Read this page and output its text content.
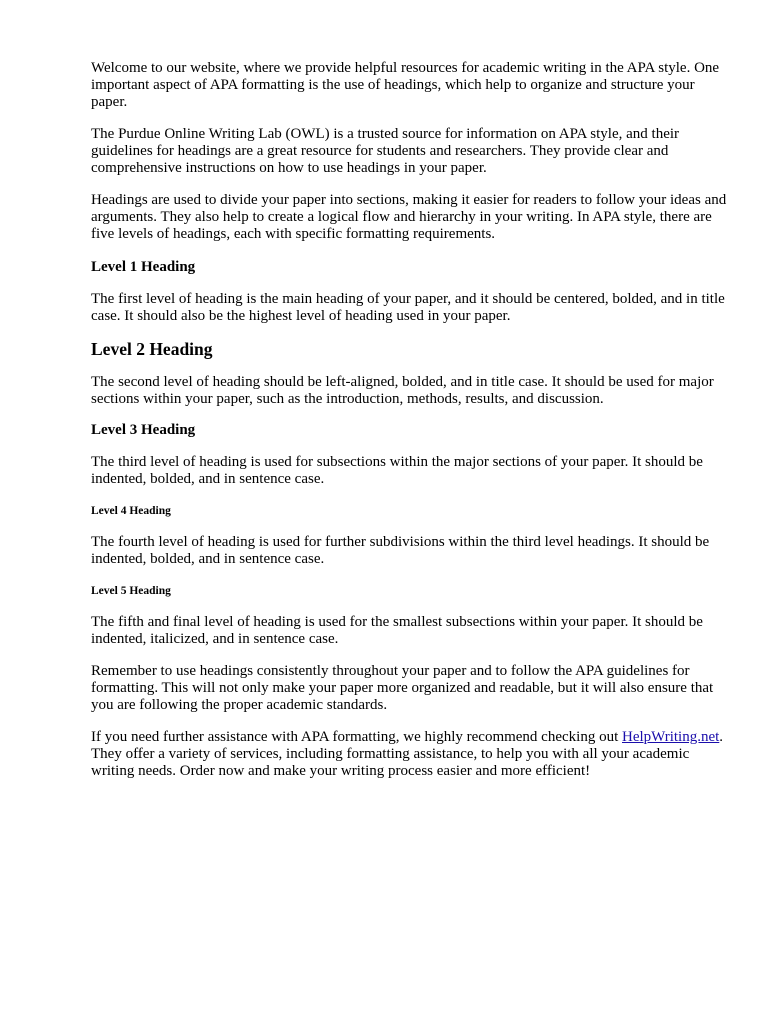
Welcome to our website, where we provide helpful resources for academic writing in the APA style. One important aspect of APA formatting is the use of headings, which help to organize and structure your paper.

The Purdue Online Writing Lab (OWL) is a trusted source for information on APA style, and their guidelines for headings are a great resource for students and researchers. They provide clear and comprehensive instructions on how to use headings in your paper.

Headings are used to divide your paper into sections, making it easier for readers to follow your ideas and arguments. They also help to create a logical flow and hierarchy in your writing. In APA style, there are five levels of headings, each with specific formatting requirements.

Level 1 Heading

The first level of heading is the main heading of your paper, and it should be centered, bolded, and in title case. It should also be the highest level of heading used in your paper.

Level 2 Heading

The second level of heading should be left-aligned, bolded, and in title case. It should be used for major sections within your paper, such as the introduction, methods, results, and discussion.

Level 3 Heading

The third level of heading is used for subsections within the major sections of your paper. It should be indented, bolded, and in sentence case.

Level 4 Heading

The fourth level of heading is used for further subdivisions within the third level headings. It should be indented, bolded, and in sentence case.

Level 5 Heading

The fifth and final level of heading is used for the smallest subsections within your paper. It should be indented, italicized, and in sentence case.

Remember to use headings consistently throughout your paper and to follow the APA guidelines for formatting. This will not only make your paper more organized and readable, but it will also ensure that you are following the proper academic standards.

If you need further assistance with APA formatting, we highly recommend checking out HelpWriting.net. They offer a variety of services, including formatting assistance, to help you with all your academic writing needs. Order now and make your writing process easier and more efficient!
